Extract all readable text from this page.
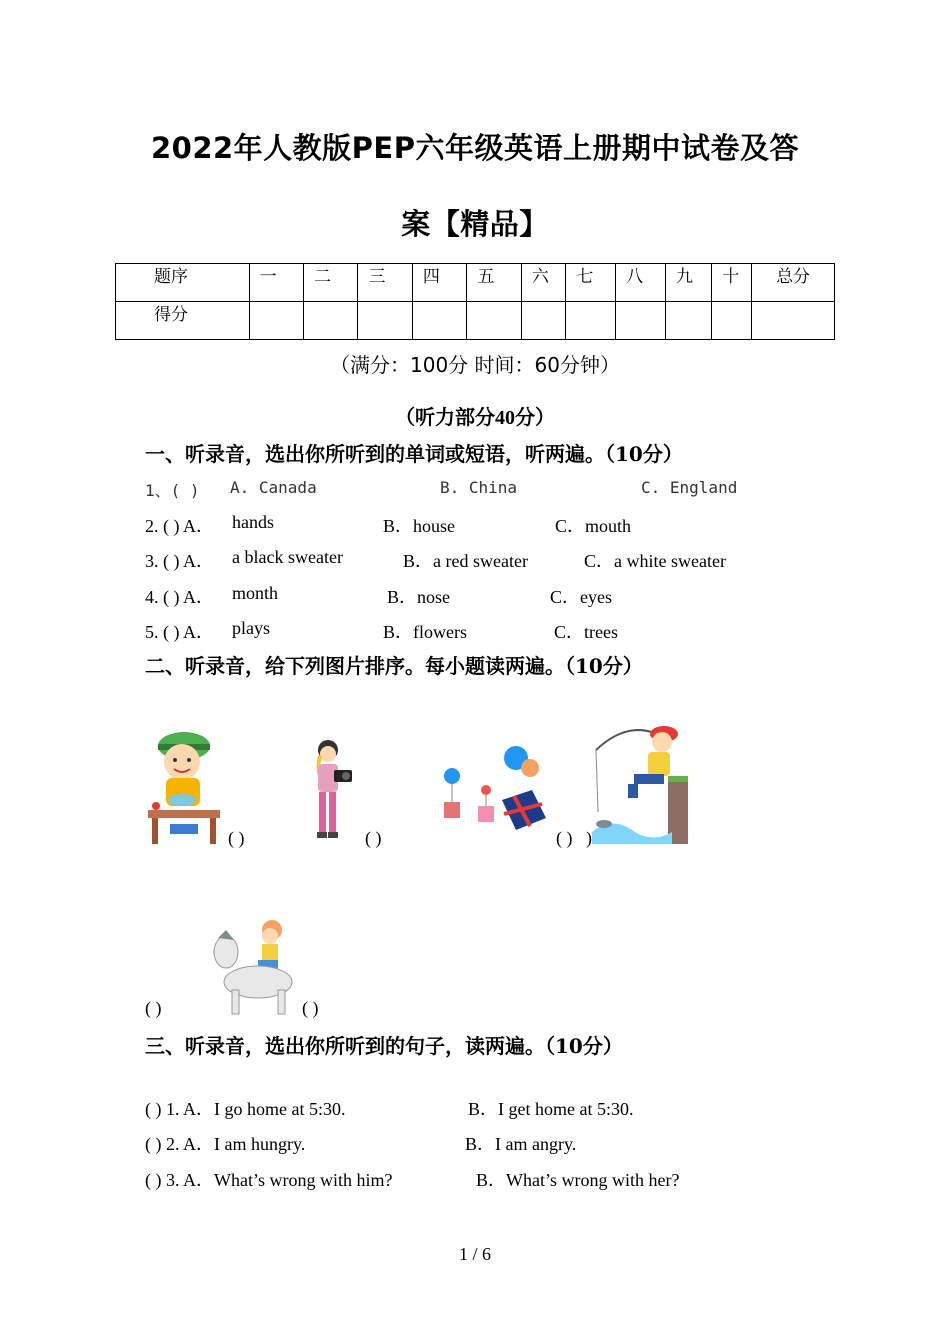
2022年人教版PEP六年级英语上册期中试卷及答
案【精品】
题序	一	二	三	四	五	六	七	八	九	十	总分
得分											
（满分：100分 时间：60分钟）
（听力部分40分）
一、听录音，选出你所听到的单词或短语，听两遍。（10分）
1、( ) A. Canada	B. China	C. England
2. ( ) A． hands	B．house	C．mouth
3. ( ) A． a black sweater	B．a red sweater	C．a white sweater
4. ( ) A． month	B．nose	C．eyes
5. ( ) A． plays	B．flowers	C．trees
二、听录音，给下列图片排序。每小题读两遍。（10分）
( )	( )	( ) )
( )	( )
三、听录音，选出你所听到的句子，读两遍。（10分）
( ) 1. A．I go home at 5:30.	B．I get home at 5:30.
( ) 2. A．I am hungry.	B．I am angry.
( ) 3. A．What’s wrong with him?	B．What’s wrong with her?
1 / 6
